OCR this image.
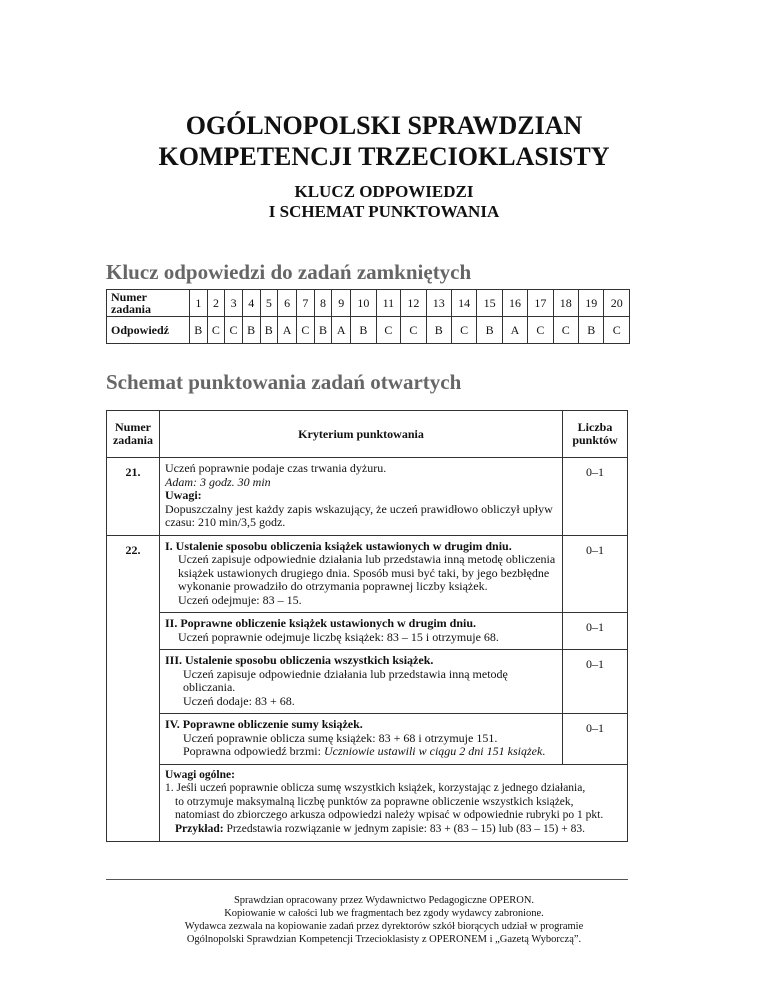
OGÓLNOPOLSKI SPRAWDZIAN
KOMPETENCJI TRZECIOKLASISTY
KLUCZ ODPOWIEDZI
I SCHEMAT PUNKTOWANIA
Klucz odpowiedzi do zadań zamkniętych
Numer zadania	1	2	3	4	5	6	7	8	9	10	11	12	13	14	15	16	17	18	19	20
Odpowiedź	B	C	C	B	B	A	C	B	A	B	C	C	B	C	B	A	C	C	B	C
Schemat punktowania zadań otwartych
Numer zadania	Kryterium punktowania	Liczba punktów
21.	Uczeń poprawnie podaje czas trwania dyżuru.
Adam: 3 godz. 30 min
Uwagi:
Dopuszczalny jest każdy zapis wskazujący, że uczeń prawidłowo obliczył upływ czasu: 210 min/3,5 godz.	0–1
22.	I. Ustalenie sposobu obliczenia książek ustawionych w drugim dniu.
Uczeń zapisuje odpowiednie działania lub przedstawia inną metodę obliczenia książek ustawionych drugiego dnia. Sposób musi być taki, by jego bezbłędne wykonanie prowadziło do otrzymania poprawnej liczby książek.
Uczeń odejmuje: 83 – 15.	0–1

	II. Poprawne obliczenie książek ustawionych w drugim dniu.
Uczeń poprawnie odejmuje liczbę książek: 83 – 15 i otrzymuje 68.	0–1

	III. Ustalenie sposobu obliczenia wszystkich książek.
Uczeń zapisuje odpowiednie działania lub przedstawia inną metodę obliczania.
Uczeń dodaje: 83 + 68.	0–1

	IV. Poprawne obliczenie sumy książek.
Uczeń poprawnie oblicza sumę książek: 83 + 68 i otrzymuje 151.
Poprawna odpowiedź brzmi: Uczniowie ustawili w ciągu 2 dni 151 książek.	0–1

	Uwagi ogólne:
1. Jeśli uczeń poprawnie oblicza sumę wszystkich książek, korzystając z jednego działania,
to otrzymuje maksymalną liczbę punktów za poprawne obliczenie wszystkich książek,
natomiast do zbiorczego arkusza odpowiedzi należy wpisać w odpowiednie rubryki po 1 pkt.
Przykład: Przedstawia rozwiązanie w jednym zapisie: 83 + (83 – 15) lub (83 – 15) + 83.	
Sprawdzian opracowany przez Wydawnictwo Pedagogiczne OPERON.
Kopiowanie w całości lub we fragmentach bez zgody wydawcy zabronione.
Wydawca zezwala na kopiowanie zadań przez dyrektorów szkół biorących udział w programie
Ogólnopolski Sprawdzian Kompetencji Trzecioklasisty z OPERONEM i „Gazetą Wyborczą”.
